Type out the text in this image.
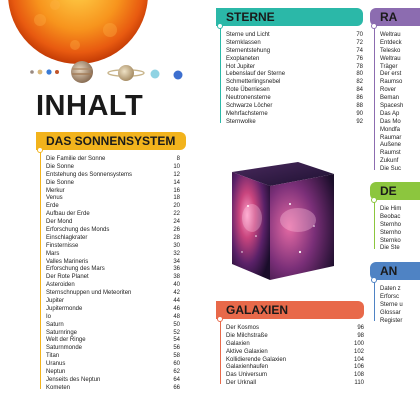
INHALT
DAS SONNENSYSTEM
Die Familie der Sonne	8
Die Sonne	10
Entstehung des Sonnensystems	12
Die Sonne	14
Merkur	16
Venus	18
Erde	20
Aufbau der Erde	22
Der Mond	24
Erforschung des Monds	26
Einschlagkrater	28
Finsternisse	30
Mars	32
Valles Marineris	34
Erforschung des Mars	36
Der Rote Planet	38
Asteroiden	40
Sternschnuppen und Meteoriten	42
Jupiter	44
Jupitermonde	46
Io	48
Saturn	50
Saturnringe	52
Welt der Ringe	54
Saturnmonde	56
Titan	58
Uranus	60
Neptun	62
Jenseits des Neptun	64
Kometen	66
STERNE
Sterne und Licht	70
Sternklassen	72
Sternentstehung	74
Exoplaneten	76
Hot Jupiter	78
Lebenslauf der Sterne	80
Schmetterlingsnebel	82
Rote Überriesen	84
Neutronensterne	86
Schwarze Löcher	88
Mehrfachsterne	90
Sternwolke	92
GALAXIEN
Der Kosmos	96
Die Milchstraße	98
Galaxien	100
Aktive Galaxien	102
Kollidierende Galaxien	104
Galaxienhaufen	106
Das Universum	108
Der Urknall	110
RA
Weltrau
Entdeck
Telesko
Weltrau
Träger
Der erst
Raumso
Rover
Beman
Spacesh
Das Ap
Das Mo
Mondfa
Raumar
Außene
Raumst
Zukunf
Die Suc
DE
Die Him
Beobac
Sternho
Sternho
Sternko
Die Ste
AN
Daten z
Erforsc
Sterne u
Glossar
Register
